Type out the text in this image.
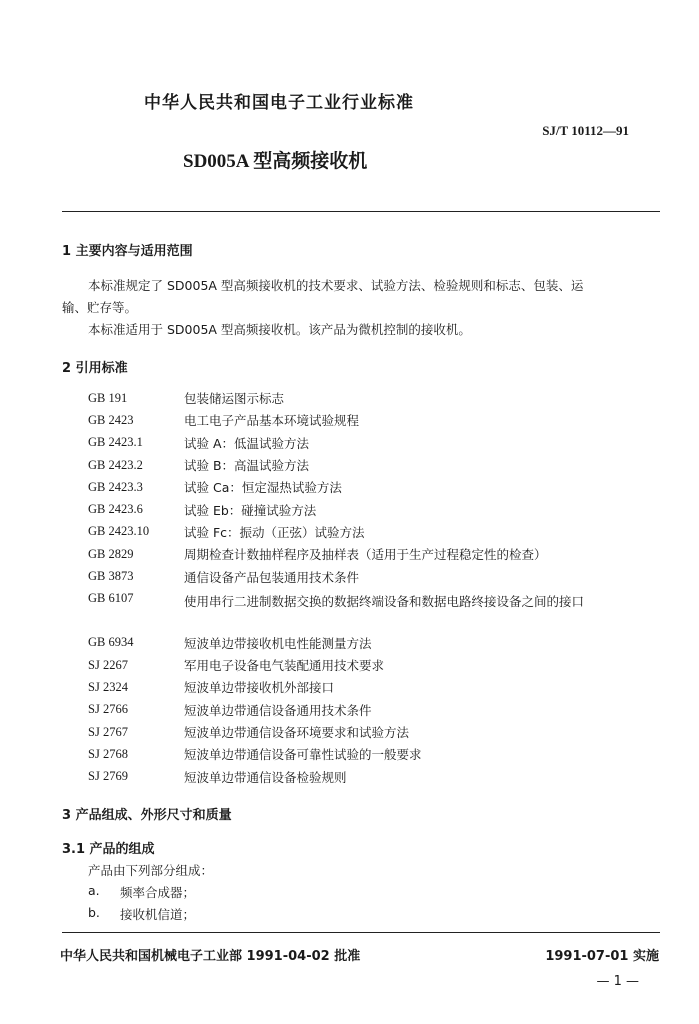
中华人民共和国电子工业行业标准
SJ/T 10112—91
SD005A 型高频接收机
1 主要内容与适用范围
本标准规定了 SD005A 型高频接收机的技术要求、试验方法、检验规则和标志、包装、运
输、贮存等。
本标准适用于 SD005A 型高频接收机。该产品为微机控制的接收机。
2 引用标准
GB 191	包装储运图示标志
GB 2423	电工电子产品基本环境试验规程
GB 2423.1	试验 A：低温试验方法
GB 2423.2	试验 B：高温试验方法
GB 2423.3	试验 Ca：恒定湿热试验方法
GB 2423.6	试验 Eb：碰撞试验方法
GB 2423.10	试验 Fc：振动（正弦）试验方法
GB 2829	周期检查计数抽样程序及抽样表（适用于生产过程稳定性的检查）
GB 3873	通信设备产品包装通用技术条件
GB 6107	使用串行二进制数据交换的数据终端设备和数据电路终接设备之间的接口
GB 6934	短波单边带接收机电性能测量方法
SJ 2267	军用电子设备电气装配通用技术要求
SJ 2324	短波单边带接收机外部接口
SJ 2766	短波单边带通信设备通用技术条件
SJ 2767	短波单边带通信设备环境要求和试验方法
SJ 2768	短波单边带通信设备可靠性试验的一般要求
SJ 2769	短波单边带通信设备检验规则
3 产品组成、外形尺寸和质量
3.1 产品的组成
产品由下列部分组成：
a. 频率合成器；
b. 接收机信道；
中华人民共和国机械电子工业部 1991-04-02 批准	1991-07-01 实施
— 1 —
